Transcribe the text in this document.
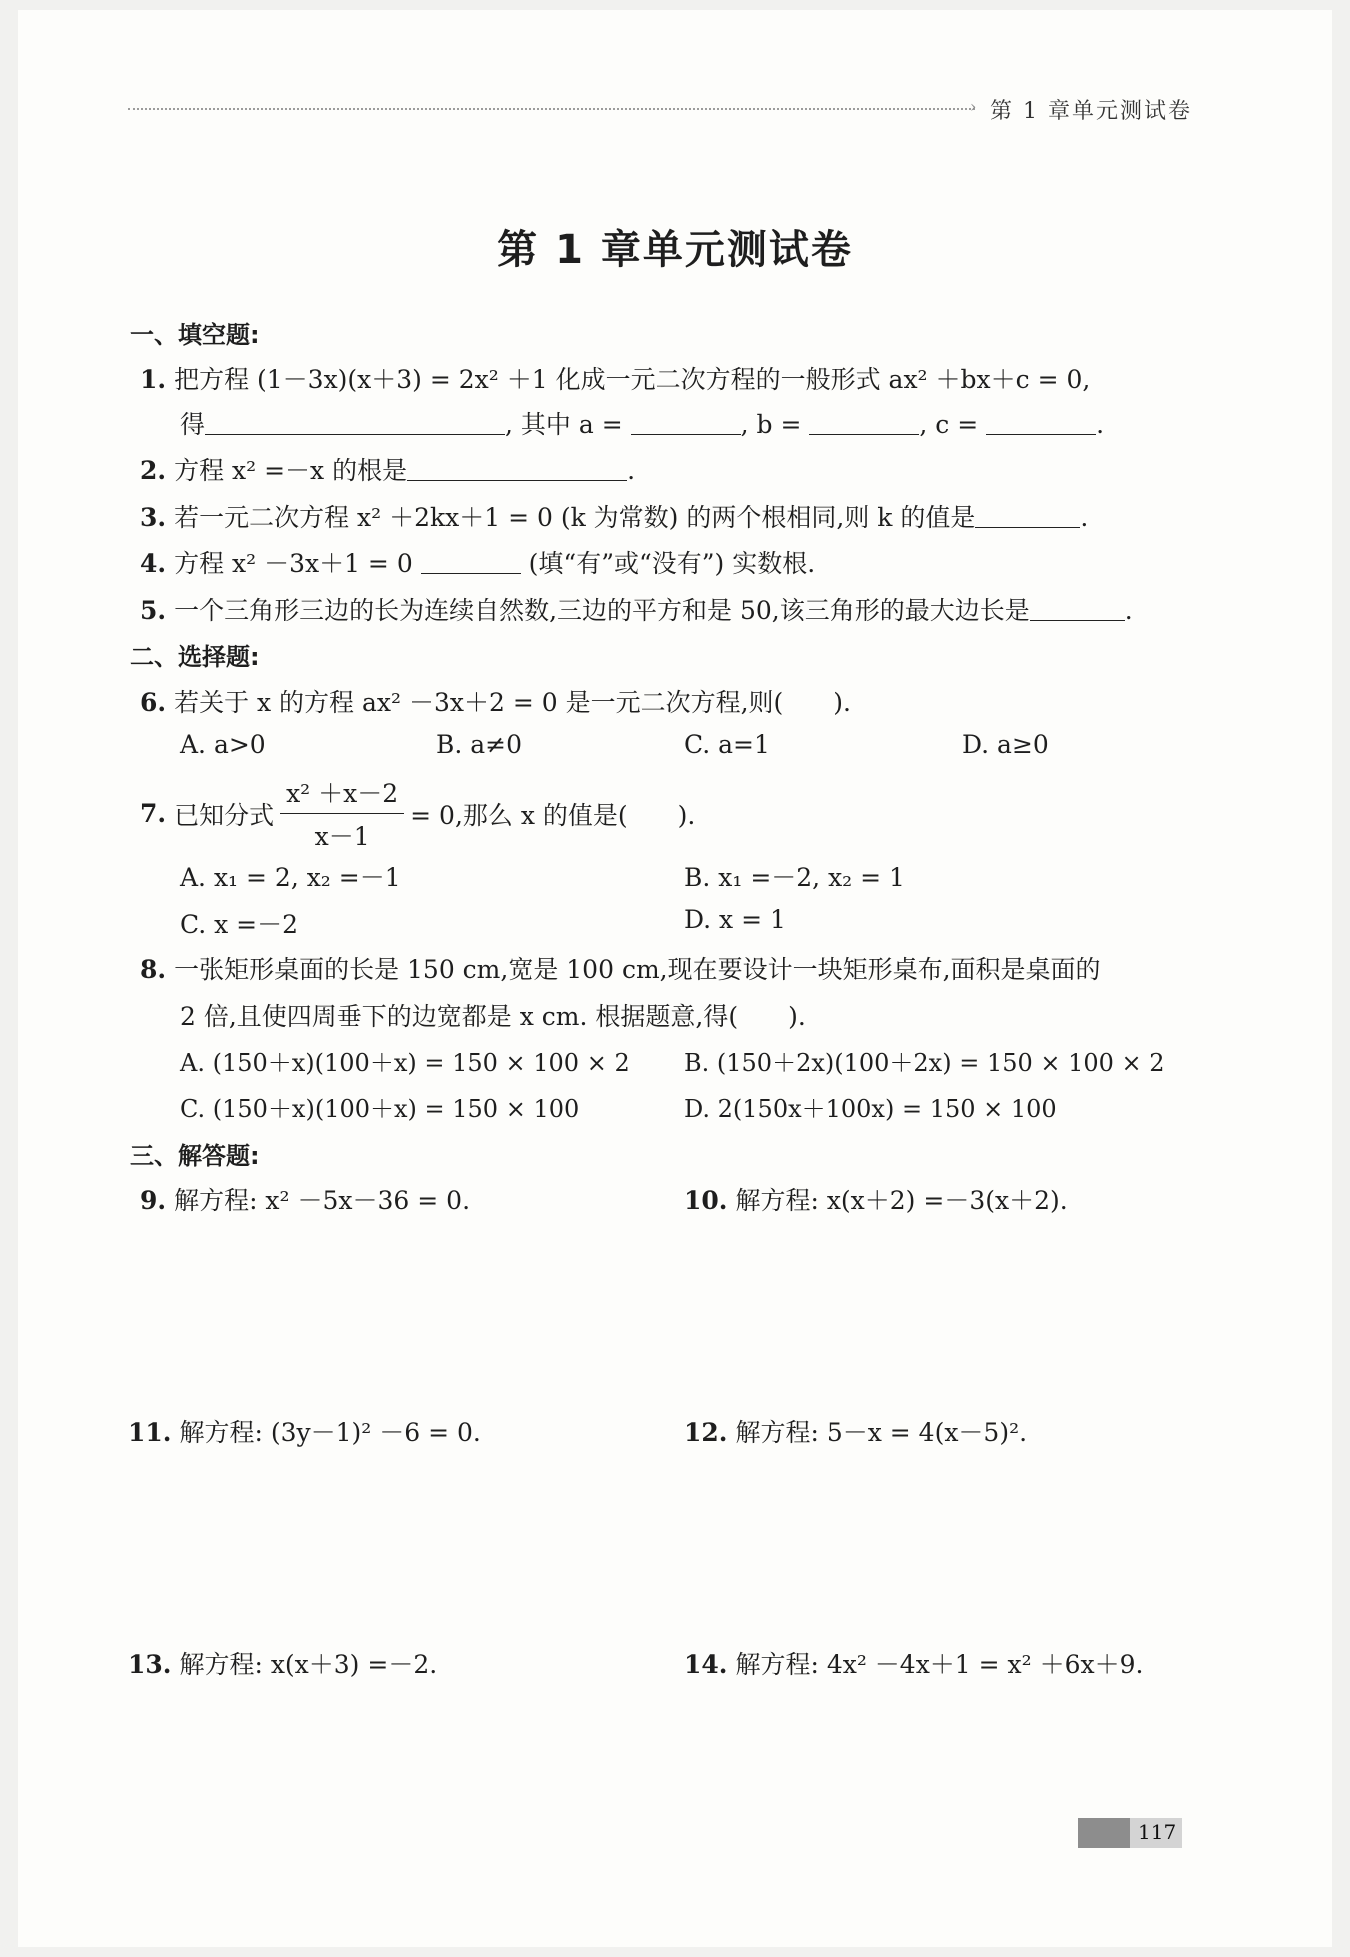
› 第 1 章单元测试卷
第 1 章单元测试卷
一、填空题:
1. 把方程 (1－3x)(x＋3) = 2x² ＋1 化成一元二次方程的一般形式 ax² ＋bx＋c = 0,
得	, 其中 a =	, b =	, c =	.
2. 方程 x² =－x 的根是	.
3. 若一元二次方程 x² ＋2kx＋1 = 0 (k 为常数) 的两个根相同,则 k 的值是	.
4. 方程 x² －3x＋1 = 0	(填“有”或“没有”) 实数根.
5. 一个三角形三边的长为连续自然数,三边的平方和是 50,该三角形的最大边长是	.
二、选择题:
6. 若关于 x 的方程 ax² －3x＋2 = 0 是一元二次方程,则(　　).
A. a>0	B. a≠0	C. a=1	D. a≥0
7.
已知分式 $\frac{\text{x² ＋x－2}}{x-1} = 0$,那么 x 的值是(　　).
A. x₁ = 2, x₂ =－1	B. x₁ =－2, x₂ = 1
C. x =－2	D. x = 1
8. 一张矩形桌面的长是 150 cm,宽是 100 cm,现在要设计一块矩形桌布,面积是桌面的
2 倍,且使四周垂下的边宽都是 x cm. 根据题意,得(　　).
A. (150＋x)(100＋x) = 150 × 100 × 2 B. (150＋2x)(100＋2x) = 150 × 100 × 2
C. (150＋x)(100＋x) = 150 × 100	D. 2(150x＋100x) = 150 × 100
三、解答题:
9. 解方程: x² －5x－36 = 0.	10. 解方程: x(x＋2) =－3(x＋2).
11. 解方程: (3y－1)² －6 = 0.	12. 解方程: 5－x = 4(x－5)².
13. 解方程: x(x＋3) =－2.	14. 解方程: 4x² －4x＋1 = x² ＋6x＋9.
117
